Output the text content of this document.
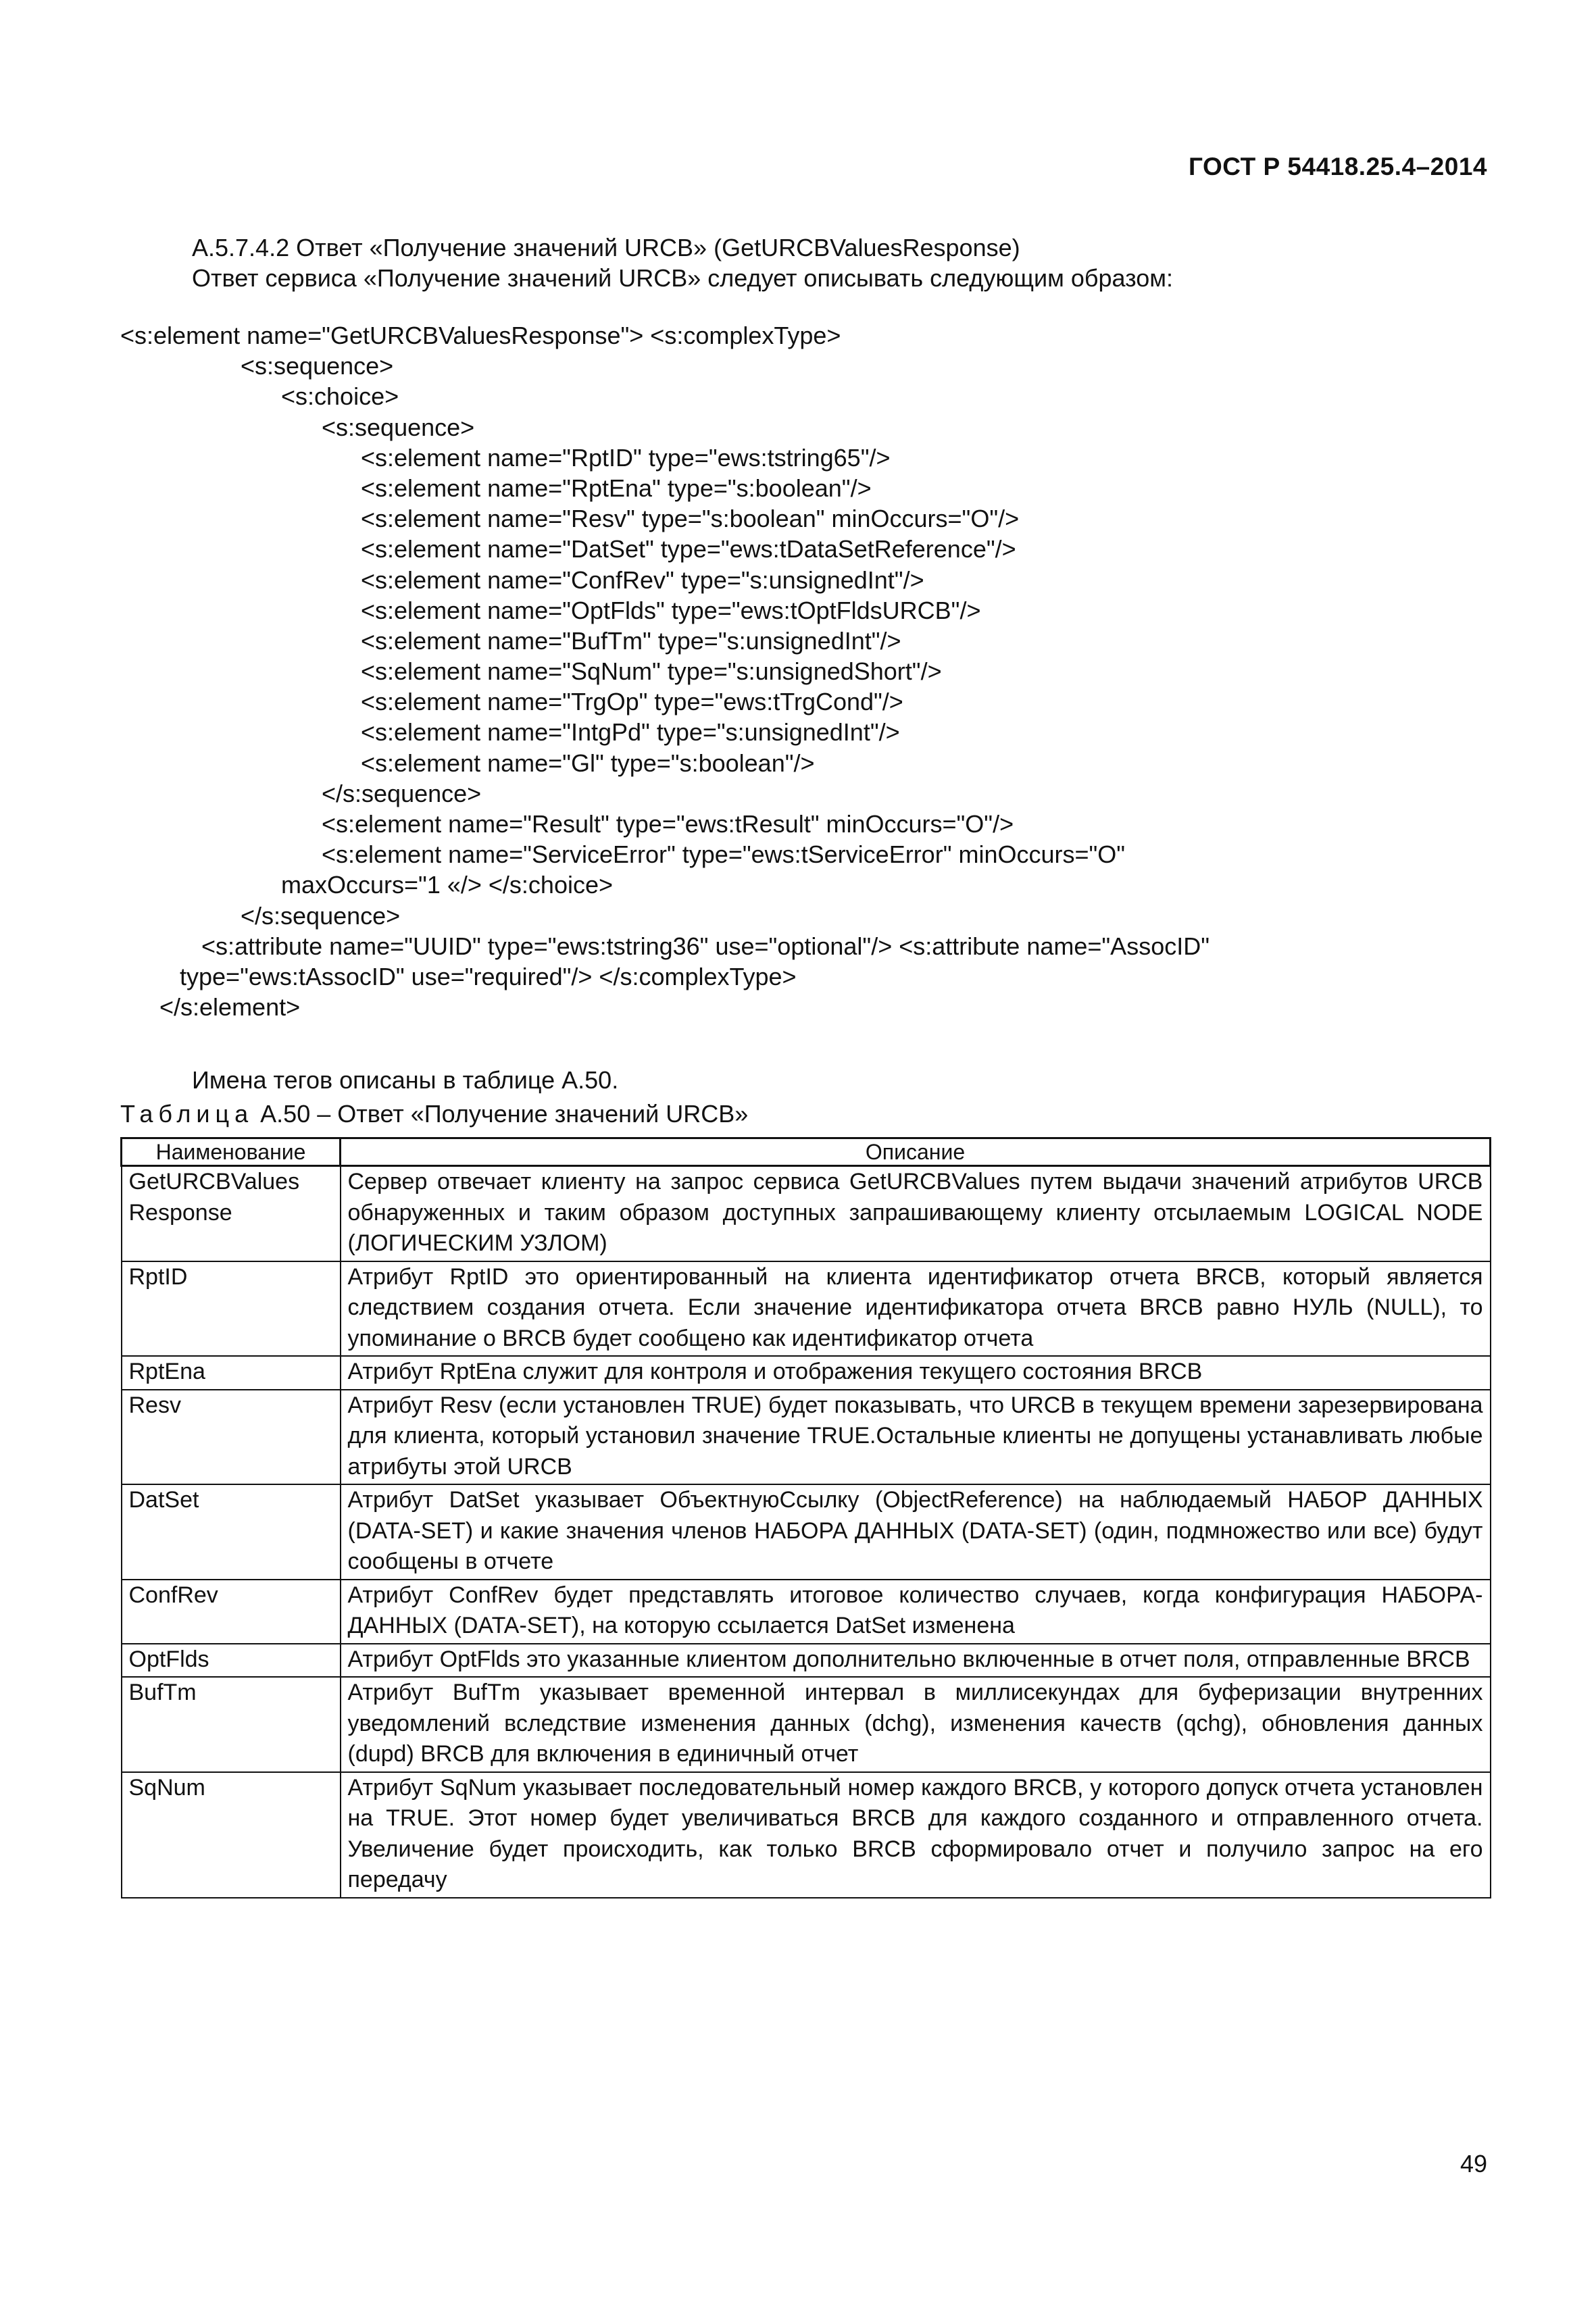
ГОСТ Р 54418.25.4–2014
А.5.7.4.2 Ответ «Получение значений URCB» (GetURCBValuesResponse)
Ответ сервиса «Получение значений URCB» следует описывать следующим образом:
<s:element name="GetURCBValuesResponse"> <s:complexType>
<s:sequence>
<s:choice>
<s:sequence>
<s:element name="RptID" type="ews:tstring65"/>
<s:element name="RptEna" type="s:boolean"/>
<s:element name="Resv" type="s:boolean" minOccurs="O"/>
<s:element name="DatSet" type="ews:tDataSetReference"/>
<s:element name="ConfRev" type="s:unsignedInt"/>
<s:element name="OptFlds" type="ews:tOptFldsURCB"/>
<s:element name="BufTm" type="s:unsignedInt"/>
<s:element name="SqNum" type="s:unsignedShort"/>
<s:element name="TrgOp" type="ews:tTrgCond"/>
<s:element name="IntgPd" type="s:unsignedInt"/>
<s:element name="Gl" type="s:boolean"/>
</s:sequence>
<s:element name="Result" type="ews:tResult" minOccurs="O"/>
<s:element name="ServiceError" type="ews:tServiceError" minOccurs="O"
maxOccurs="1 «/> </s:choice>
</s:sequence>
<s:attribute name="UUID" type="ews:tstring36" use="optional"/> <s:attribute name="AssocID"
type="ews:tAssocID" use="required"/> </s:complexType>
</s:element>
Имена тегов описаны в таблице А.50.
Таблица А.50 – Ответ «Получение значений URCB»
Наименование	Описание
GetURCBValues Response	Сервер отвечает клиенту на запрос сервиса GetURCBValues путем выдачи значений атрибутов URCB обнаруженных и таким образом доступных запрашивающему клиенту отсылаемым LOGICAL NODE (ЛОГИЧЕСКИМ УЗЛОМ)
RptID	Атрибут RptID это ориентированный на клиента идентификатор отчета BRCB, который является следствием создания отчета. Если значение идентификатора отчета BRCB равно НУЛЬ (NULL), то упоминание о BRCB будет сообщено как идентификатор отчета
RptEna	Атрибут RptEna служит для контроля и отображения текущего состояния BRCB
Resv	Атрибут Resv (если установлен TRUE) будет показывать, что URCB в текущем времени зарезервирована для клиента, который установил значение TRUE.Остальные клиенты не допущены устанавливать любые атрибуты этой URCB
DatSet	Атрибут DatSet указывает ОбъектнуюСсылку (ObjectReference) на наблюдаемый НАБОР ДАННЫХ (DATA-SET) и какие значения членов НАБОРА ДАННЫХ (DATA-SET) (один, подмножество или все) будут сообщены в отчете
ConfRev	Атрибут ConfRev будет представлять итоговое количество случаев, когда конфигурация НАБОРА-ДАННЫХ (DATA-SET), на которую ссылается DatSet изменена
OptFlds	Атрибут OptFlds это указанные клиентом дополнительно включенные в отчет поля, отправленные BRCB
BufTm	Атрибут BufTm указывает временной интервал в миллисекундах для буферизации внутренних уведомлений вследствие изменения данных (dchg), изменения качеств (qchg), обновления данных (dupd) BRCB для включения в единичный отчет
SqNum	Атрибут SqNum указывает последовательный номер каждого BRCB, у которого допуск отчета установлен на TRUE. Этот номер будет увеличиваться BRCB для каждого созданного и отправленного отчета. Увеличение будет происходить, как только BRCB сформировало отчет и получило запрос на его передачу
49
